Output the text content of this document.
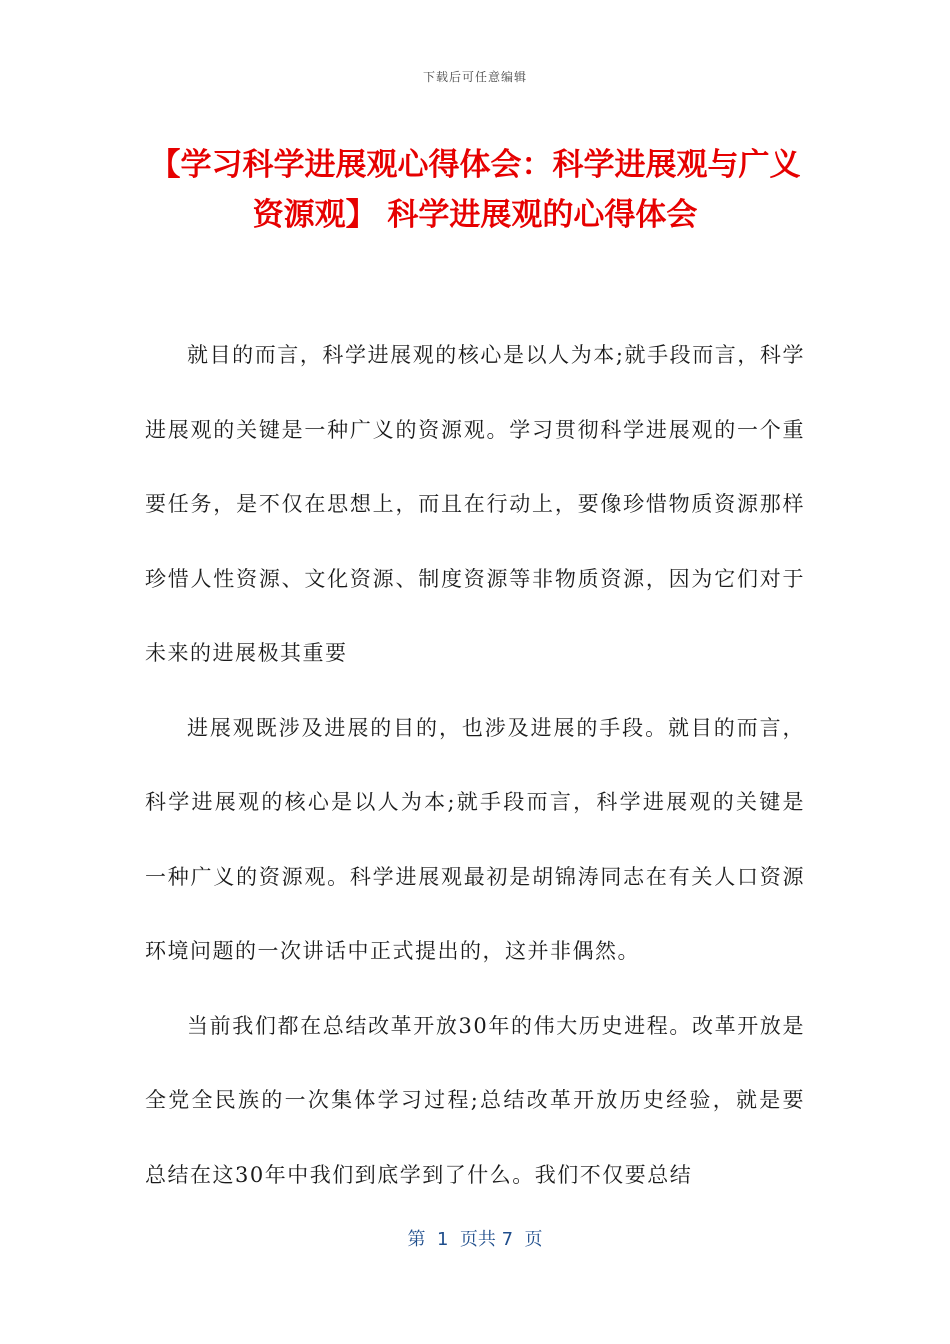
下载后可任意编辑
【学习科学进展观心得体会：科学进展观与广义资源观】 科学进展观的心得体会

就目的而言，科学进展观的核心是以人为本;就手段而言，科学进展观的关键是一种广义的资源观。学习贯彻科学进展观的一个重要任务，是不仅在思想上，而且在行动上，要像珍惜物质资源那样珍惜人性资源、文化资源、制度资源等非物质资源，因为它们对于未来的进展极其重要

进展观既涉及进展的目的，也涉及进展的手段。就目的而言，科学进展观的核心是以人为本;就手段而言，科学进展观的关键是一种广义的资源观。科学进展观最初是胡锦涛同志在有关人口资源环境问题的一次讲话中正式提出的，这并非偶然。

当前我们都在总结改革开放30年的伟大历史进程。改革开放是全党全民族的一次集体学习过程;总结改革开放历史经验，就是要总结在这30年中我们到底学到了什么。我们不仅要总结

第  1  页共 7  页
